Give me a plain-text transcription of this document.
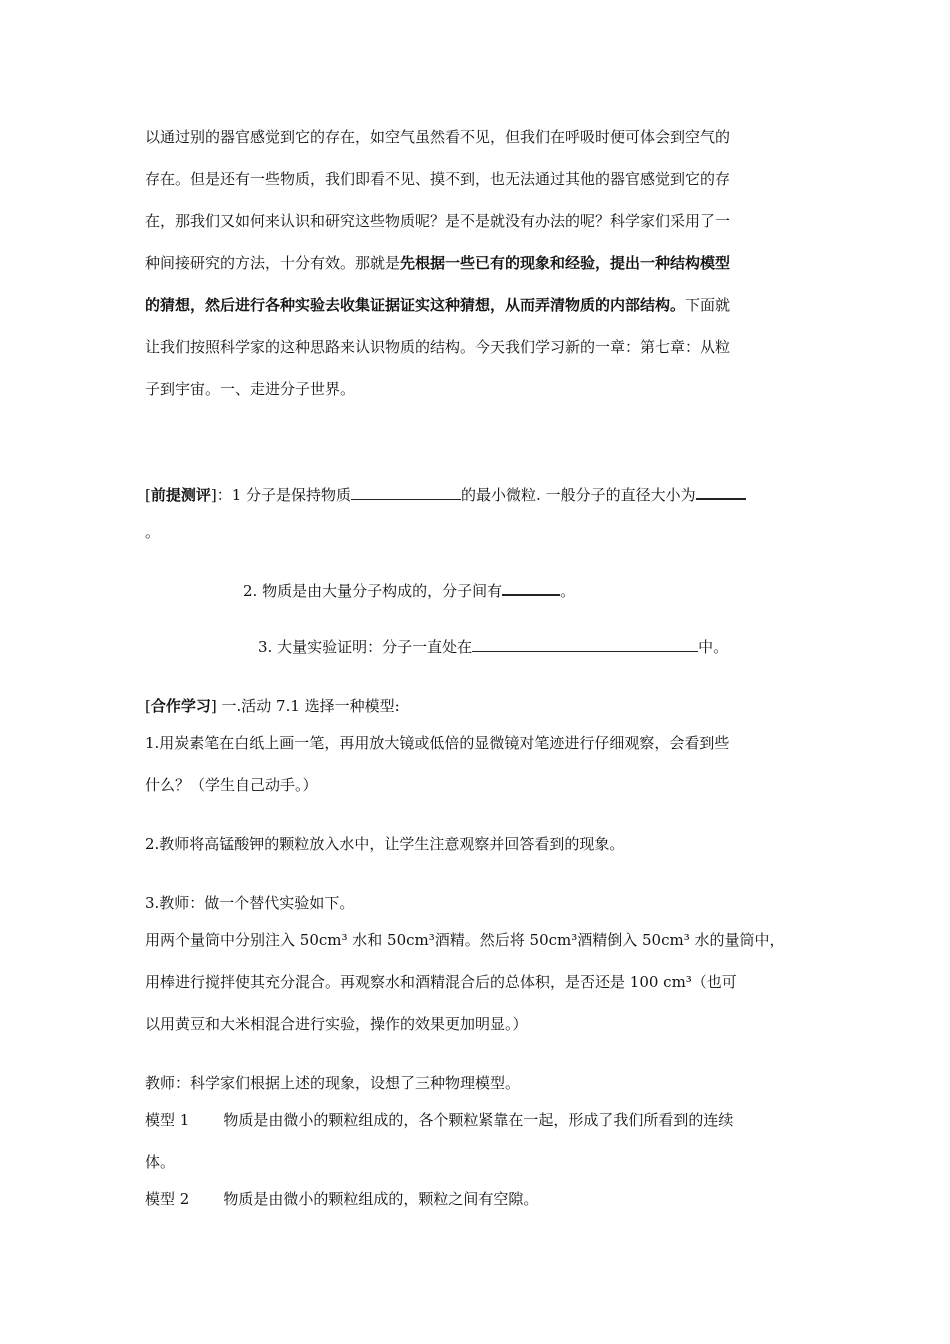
以通过别的器官感觉到它的存在，如空气虽然看不见，但我们在呼吸时便可体会到空气的
存在。但是还有一些物质，我们即看不见、摸不到，也无法通过其他的器官感觉到它的存
在，那我们又如何来认识和研究这些物质呢？是不是就没有办法的呢？科学家们采用了一
种间接研究的方法，十分有效。那就是先根据一些已有的现象和经验，提出一种结构模型
的猜想，然后进行各种实验去收集证据证实这种猜想，从而弄清物质的内部结构。下面就
让我们按照科学家的这种思路来认识物质的结构。今天我们学习新的一章：第七章：从粒
子到宇宙。一、走进分子世界。
[前提测评]：1 分子是保持物质	的最小微粒. 一般分子的直径大小为
。
2. 物质是由大量分子构成的，分子间有	。
3. 大量实验证明：分子一直处在	中。
[合作学习] 一.活动 7.1 选择一种模型:
1.用炭素笔在白纸上画一笔，再用放大镜或低倍的显微镜对笔迹进行仔细观察，会看到些
什么？（学生自己动手。）
2.教师将高锰酸钾的颗粒放入水中，让学生注意观察并回答看到的现象。
3.教师：做一个替代实验如下。
用两个量筒中分别注入 50cm³ 水和 50cm³酒精。然后将 50cm³酒精倒入 50cm³ 水的量筒中，
用棒进行搅拌使其充分混合。再观察水和酒精混合后的总体积，是否还是 100 cm³（也可
以用黄豆和大米相混合进行实验，操作的效果更加明显。）
教师：科学家们根据上述的现象，设想了三种物理模型。
模型 1 物质是由微小的颗粒组成的，各个颗粒紧靠在一起，形成了我们所看到的连续
体。
模型 2 物质是由微小的颗粒组成的，颗粒之间有空隙。
